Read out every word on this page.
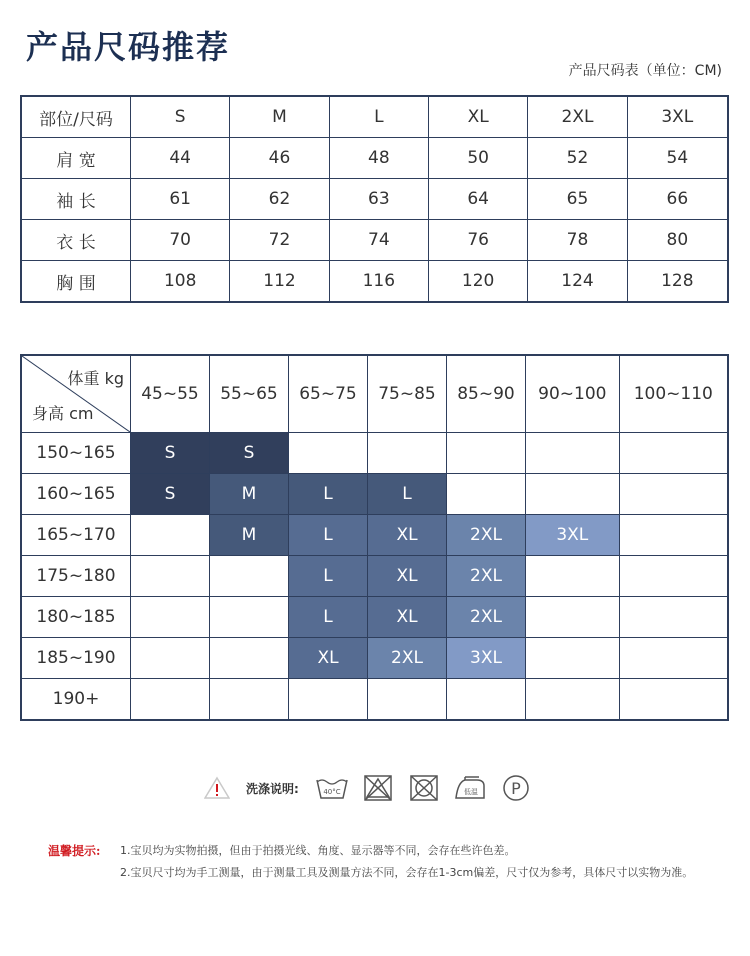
产品尺码推荐
产品尺码表（单位：CM)
部位/尺码	S	M	L	XL	2XL	3XL
肩 宽	44	46	48	50	52	54
袖 长	61	62	63	64	65	66
衣 长	70	72	74	76	78	80
胸 围	108	112	116	120	124	128
体重 kg
身高 cm	45~55	55~65	65~75	75~85	85~90	90~100	100~110
150~165	S	S					
160~165	S	M	L	L			
165~170		M	L	XL	2XL	3XL	
175~180			L	XL	2XL		
180~185			L	XL	2XL		
185~190			XL	2XL	3XL		
190+							
洗涤说明:	40°C	低温 P
温馨提示: 1.宝贝均为实物拍摄，但由于拍摄光线、角度、显示器等不同，会存在些许色差。
2.宝贝尺寸均为手工测量，由于测量工具及测量方法不同，会存在1-3cm偏差，尺寸仅为参考，具体尺寸以实物为准。
